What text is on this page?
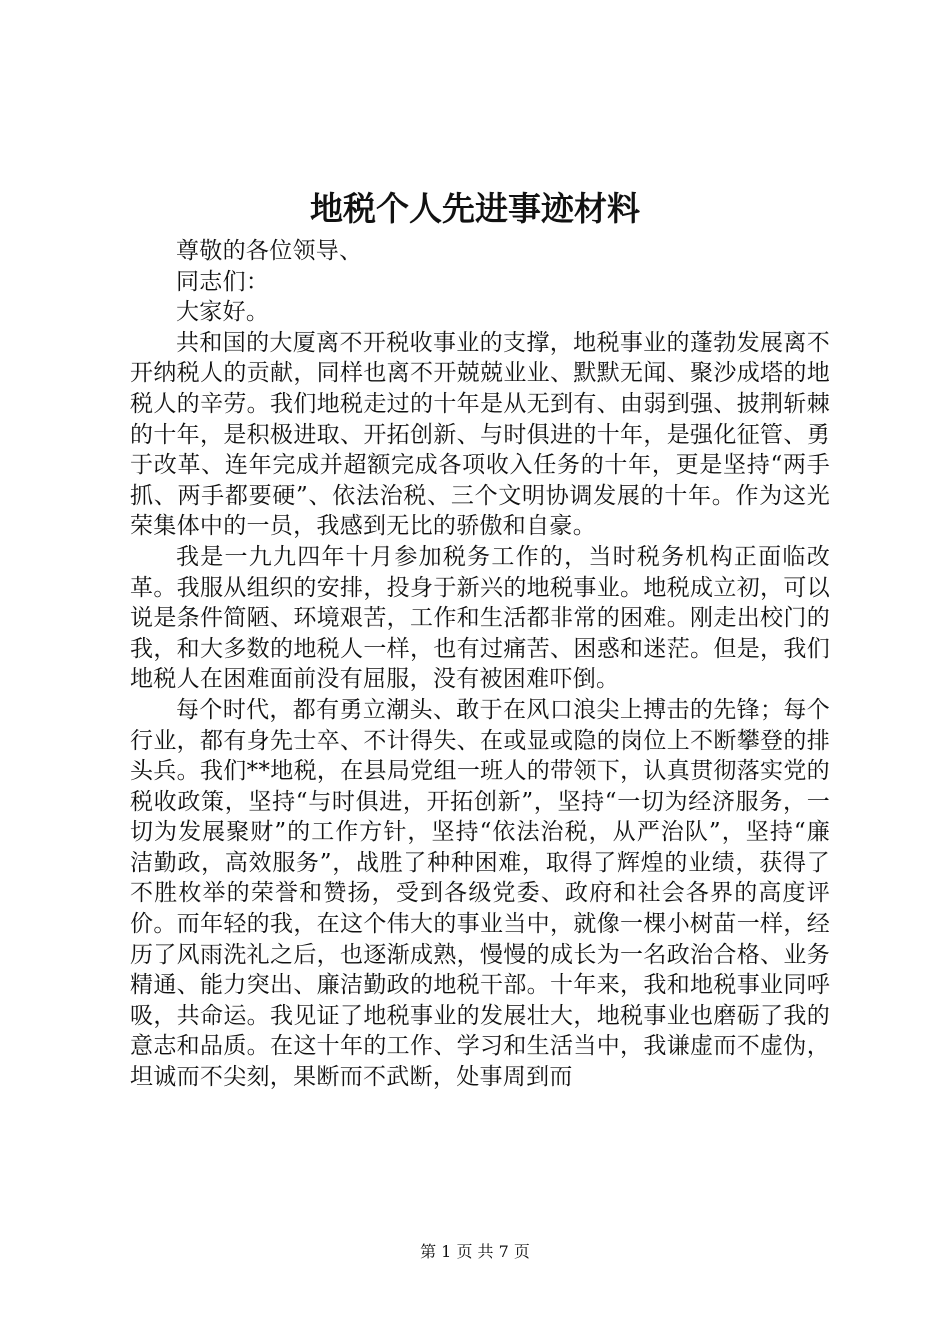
地税个人先进事迹材料

尊敬的各位领导、

同志们：

大家好。

共和国的大厦离不开税收事业的支撑，地税事业的蓬勃发展离不开纳税人的贡献，同样也离不开兢兢业业、默默无闻、聚沙成塔的地税人的辛劳。我们地税走过的十年是从无到有、由弱到强、披荆斩棘的十年，是积极进取、开拓创新、与时俱进的十年，是强化征管、勇于改革、连年完成并超额完成各项收入任务的十年，更是坚持“两手抓、两手都要硬”、依法治税、三个文明协调发展的十年。作为这光荣集体中的一员，我感到无比的骄傲和自豪。

我是一九九四年十月参加税务工作的，当时税务机构正面临改革。我服从组织的安排，投身于新兴的地税事业。地税成立初，可以说是条件简陋、环境艰苦，工作和生活都非常的困难。刚走出校门的我，和大多数的地税人一样，也有过痛苦、困惑和迷茫。但是，我们地税人在困难面前没有屈服，没有被困难吓倒。

每个时代，都有勇立潮头、敢于在风口浪尖上搏击的先锋；每个行业，都有身先士卒、不计得失、在或显或隐的岗位上不断攀登的排头兵。我们**地税，在县局党组一班人的带领下，认真贯彻落实党的税收政策，坚持“与时俱进，开拓创新”，坚持“一切为经济服务，一切为发展聚财”的工作方针，坚持“依法治税，从严治队”，坚持“廉洁勤政，高效服务”，战胜了种种困难，取得了辉煌的业绩，获得了不胜枚举的荣誉和赞扬，受到各级党委、政府和社会各界的高度评价。而年轻的我，在这个伟大的事业当中，就像一棵小树苗一样，经历了风雨洗礼之后，也逐渐成熟，慢慢的成长为一名政治合格、业务精通、能力突出、廉洁勤政的地税干部。十年来，我和地税事业同呼吸，共命运。我见证了地税事业的发展壮大，地税事业也磨砺了我的意志和品质。在这十年的工作、学习和生活当中，我谦虚而不虚伪，坦诚而不尖刻，果断而不武断，处事周到而

第 1 页 共 7 页
